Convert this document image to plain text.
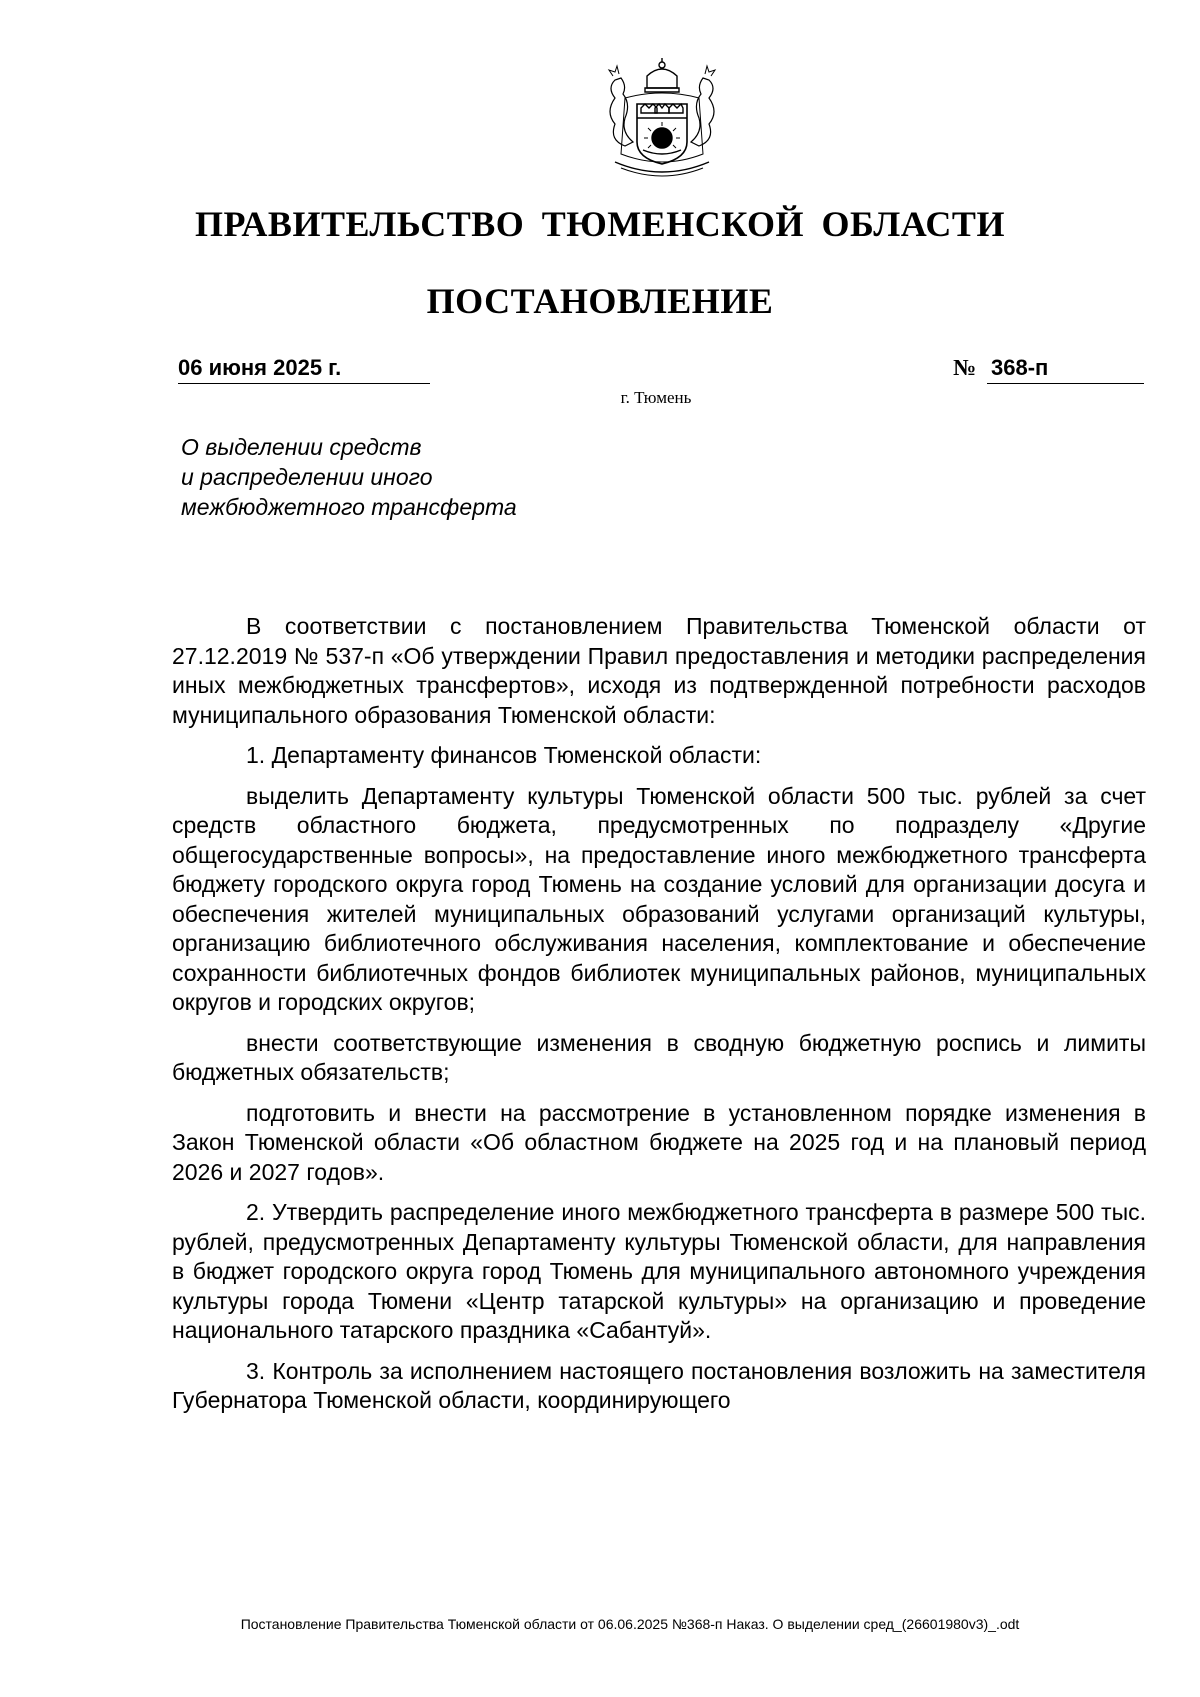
ПРАВИТЕЛЬСТВО ТЮМЕНСКОЙ ОБЛАСТИ
ПОСТАНОВЛЕНИЕ
06 июня 2025 г.	№ 368-п
г. Тюмень
О выделении средств
и распределении иного
межбюджетного трансферта

В соответствии с постановлением Правительства Тюменской области от 27.12.2019 № 537-п «Об утверждении Правил предоставления и методики распределения иных межбюджетных трансфертов», исходя из подтвержденной потребности расходов муниципального образования Тюменской области:

1. Департаменту финансов Тюменской области:

выделить Департаменту культуры Тюменской области 500 тыс. рублей за счет средств областного бюджета, предусмотренных по подразделу «Другие общегосударственные вопросы», на предоставление иного межбюджетного трансферта бюджету городского округа город Тюмень на создание условий для организации досуга и обеспечения жителей муниципальных образований услугами организаций культуры, организацию библиотечного обслуживания населения, комплектование и обеспечение сохранности библиотечных фондов библиотек муниципальных районов, муниципальных округов и городских округов;

внести соответствующие изменения в сводную бюджетную роспись и лимиты бюджетных обязательств;

подготовить и внести на рассмотрение в установленном порядке изменения в Закон Тюменской области «Об областном бюджете на 2025 год и на плановый период 2026 и 2027 годов».

2. Утвердить распределение иного межбюджетного трансферта в размере 500 тыс. рублей, предусмотренных Департаменту культуры Тюменской области, для направления в бюджет городского округа город Тюмень для муниципального автономного учреждения культуры города Тюмени «Центр татарской культуры» на организацию и проведение национального татарского праздника «Сабантуй».

3. Контроль за исполнением настоящего постановления возложить на заместителя Губернатора Тюменской области, координирующего

Постановление Правительства Тюменской области от 06.06.2025 №368-п Наказ. О выделении сред_(26601980v3)_.odt
